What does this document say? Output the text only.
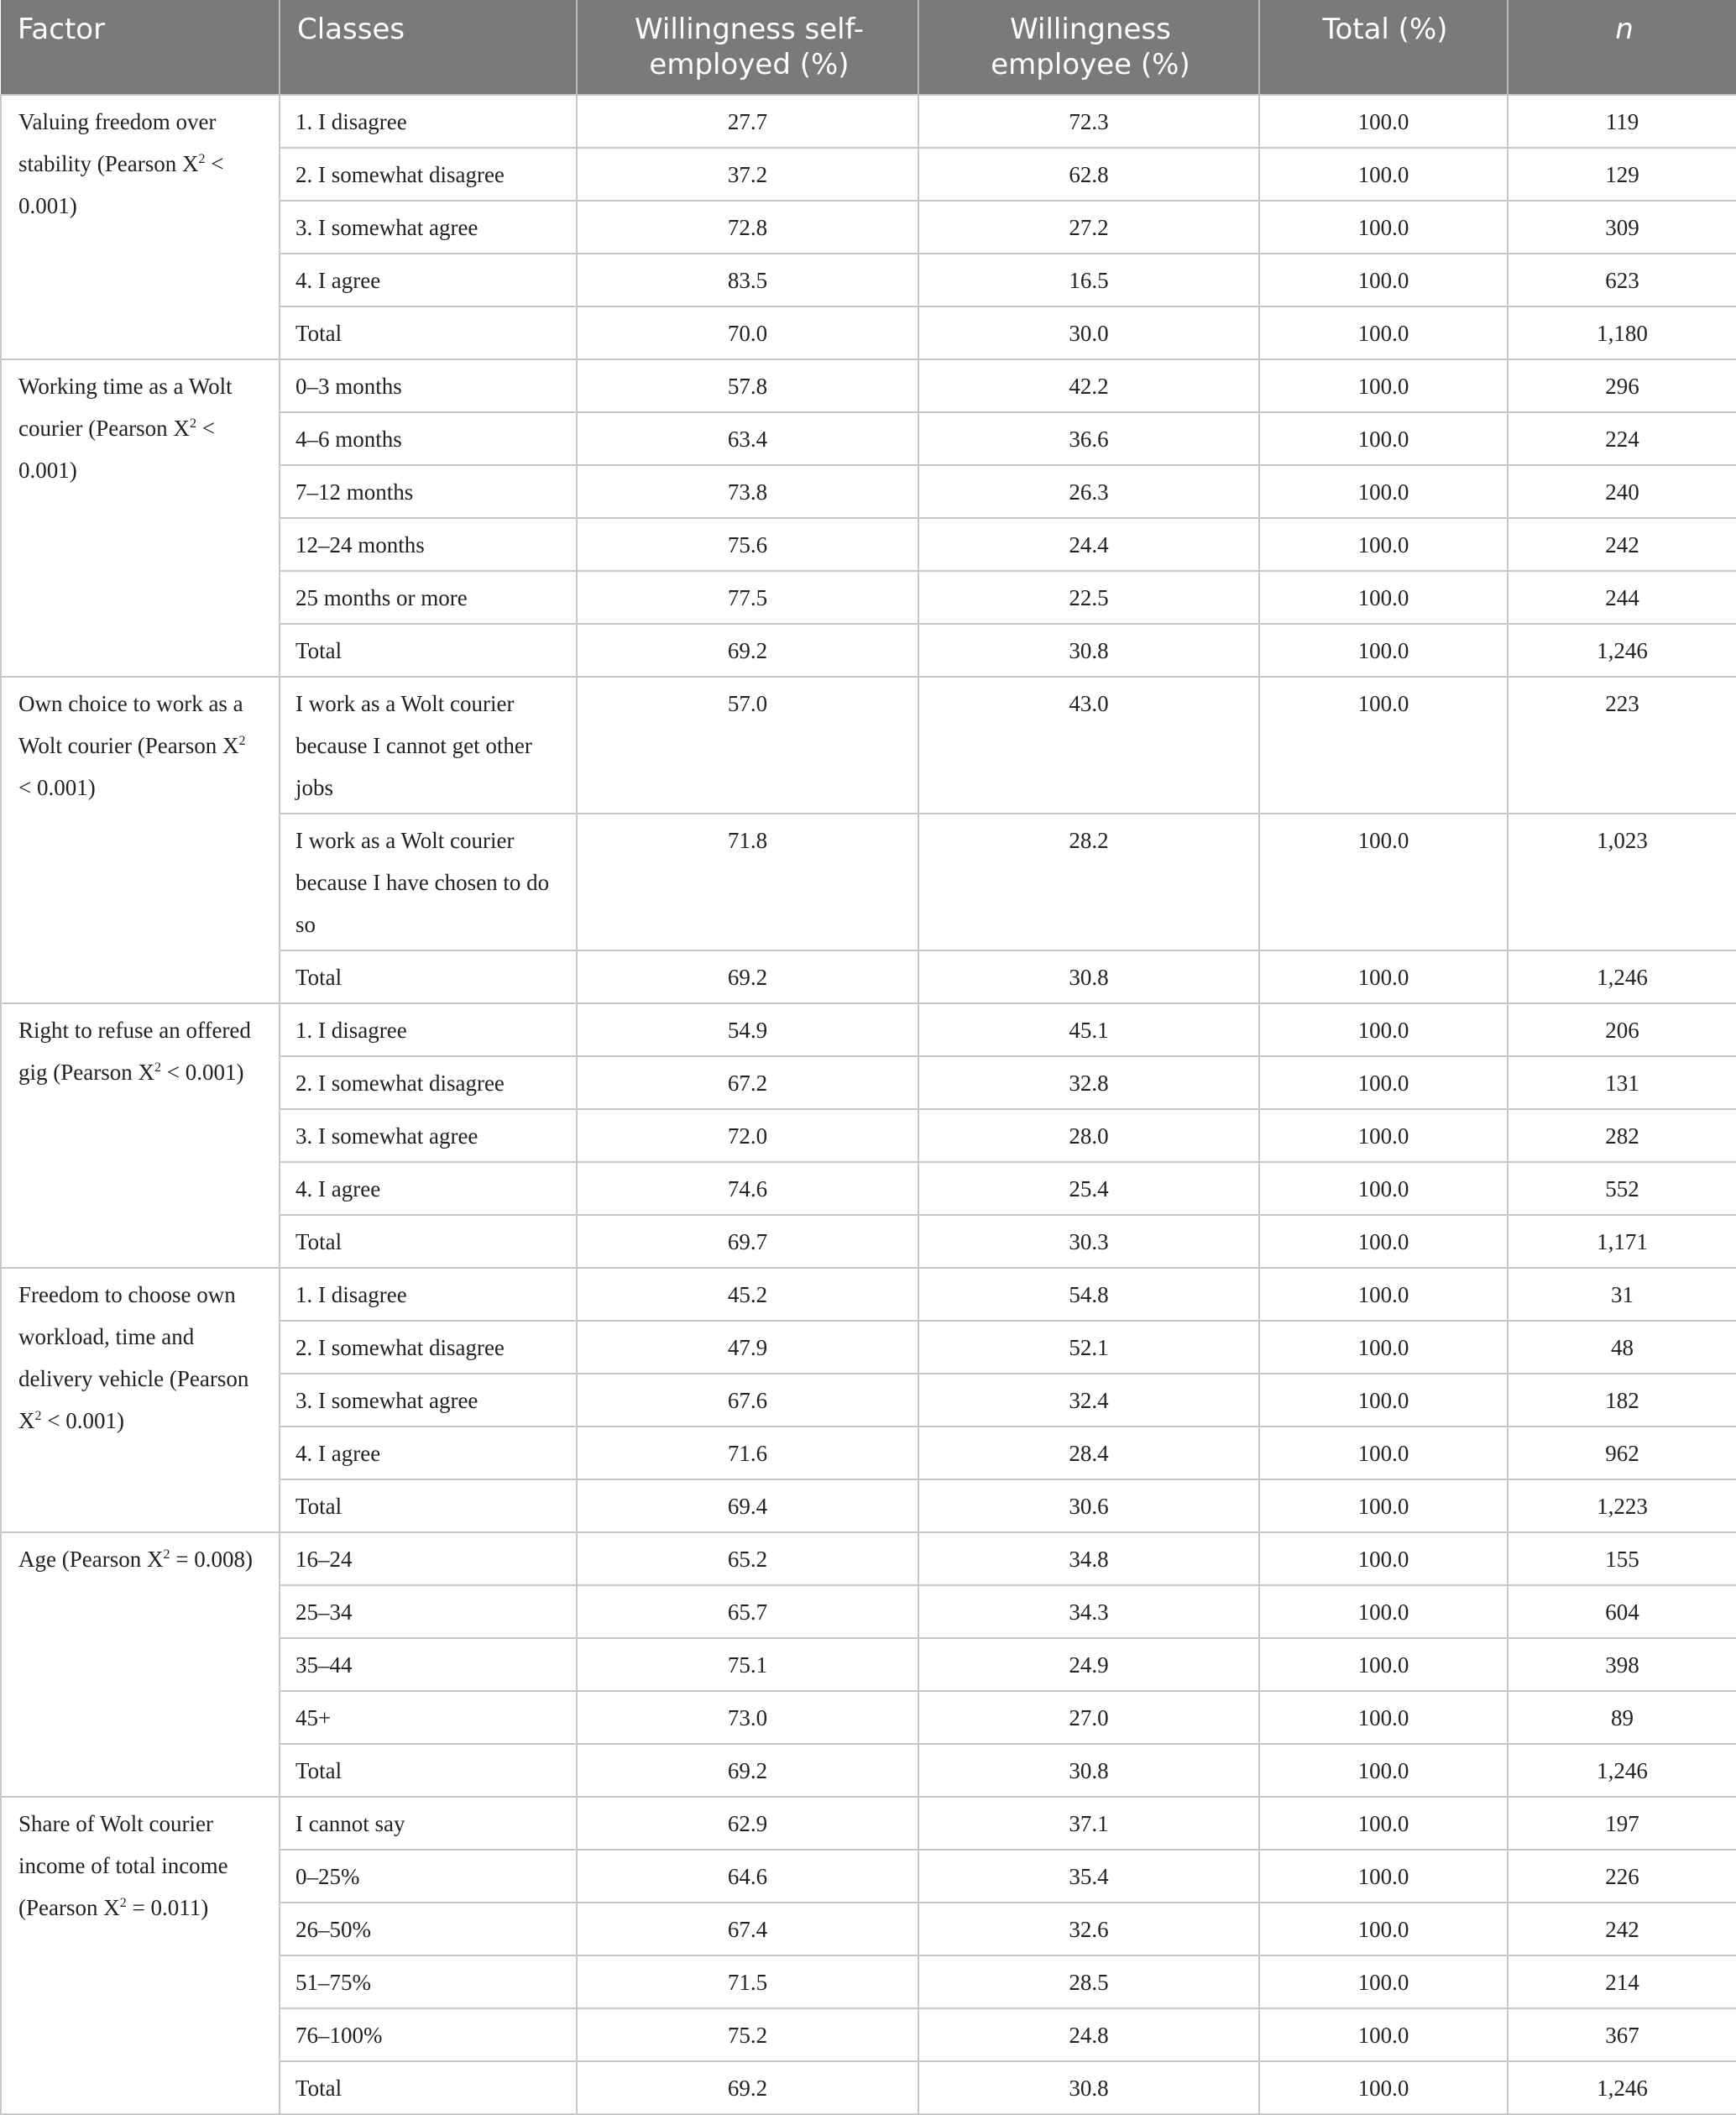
Factor	Classes	Willingness self-employed (%)	Willingness employee (%)	Total (%)	n
Valuing freedom over stability (Pearson $X^2 < 0.001$)	1. I disagree	27.7	72.3	100.0	119
	2. I somewhat disagree	37.2	62.8	100.0	129
	3. I somewhat agree	72.8	27.2	100.0	309
	4. I agree	83.5	16.5	100.0	623
	Total	70.0	30.0	100.0	1,180
Working time as a Wolt courier (Pearson $X^2 < 0.001$)	0–3 months	57.8	42.2	100.0	296
	4–6 months	63.4	36.6	100.0	224
	7–12 months	73.8	26.3	100.0	240
	12–24 months	75.6	24.4	100.0	242
	25 months or more	77.5	22.5	100.0	244
	Total	69.2	30.8	100.0	1,246
Own choice to work as a Wolt courier (Pearson $X^2 < 0.001$)	I work as a Wolt courier because I cannot get other jobs	57.0	43.0	100.0	223
	I work as a Wolt courier because I have chosen to do so	71.8	28.2	100.0	1,023
	Total	69.2	30.8	100.0	1,246
Right to refuse an offered gig (Pearson $X^2 < 0.001$)	1. I disagree	54.9	45.1	100.0	206
	2. I somewhat disagree	67.2	32.8	100.0	131
	3. I somewhat agree	72.0	28.0	100.0	282
	4. I agree	74.6	25.4	100.0	552
	Total	69.7	30.3	100.0	1,171
Freedom to choose own workload, time and delivery vehicle (Pearson $X^2 < 0.001$)	1. I disagree	45.2	54.8	100.0	31
	2. I somewhat disagree	47.9	52.1	100.0	48
	3. I somewhat agree	67.6	32.4	100.0	182
	4. I agree	71.6	28.4	100.0	962
	Total	69.4	30.6	100.0	1,223
Age (Pearson $X^2 = 0.008$)	16–24	65.2	34.8	100.0	155
	25–34	65.7	34.3	100.0	604
	35–44	75.1	24.9	100.0	398
	45+	73.0	27.0	100.0	89
	Total	69.2	30.8	100.0	1,246
Share of Wolt courier income of total income (Pearson $X^2 = 0.011$)	I cannot say	62.9	37.1	100.0	197
	0–25%	64.6	35.4	100.0	226
	26–50%	67.4	32.6	100.0	242
	51–75%	71.5	28.5	100.0	214
	76–100%	75.2	24.8	100.0	367
	Total	69.2	30.8	100.0	1,246
